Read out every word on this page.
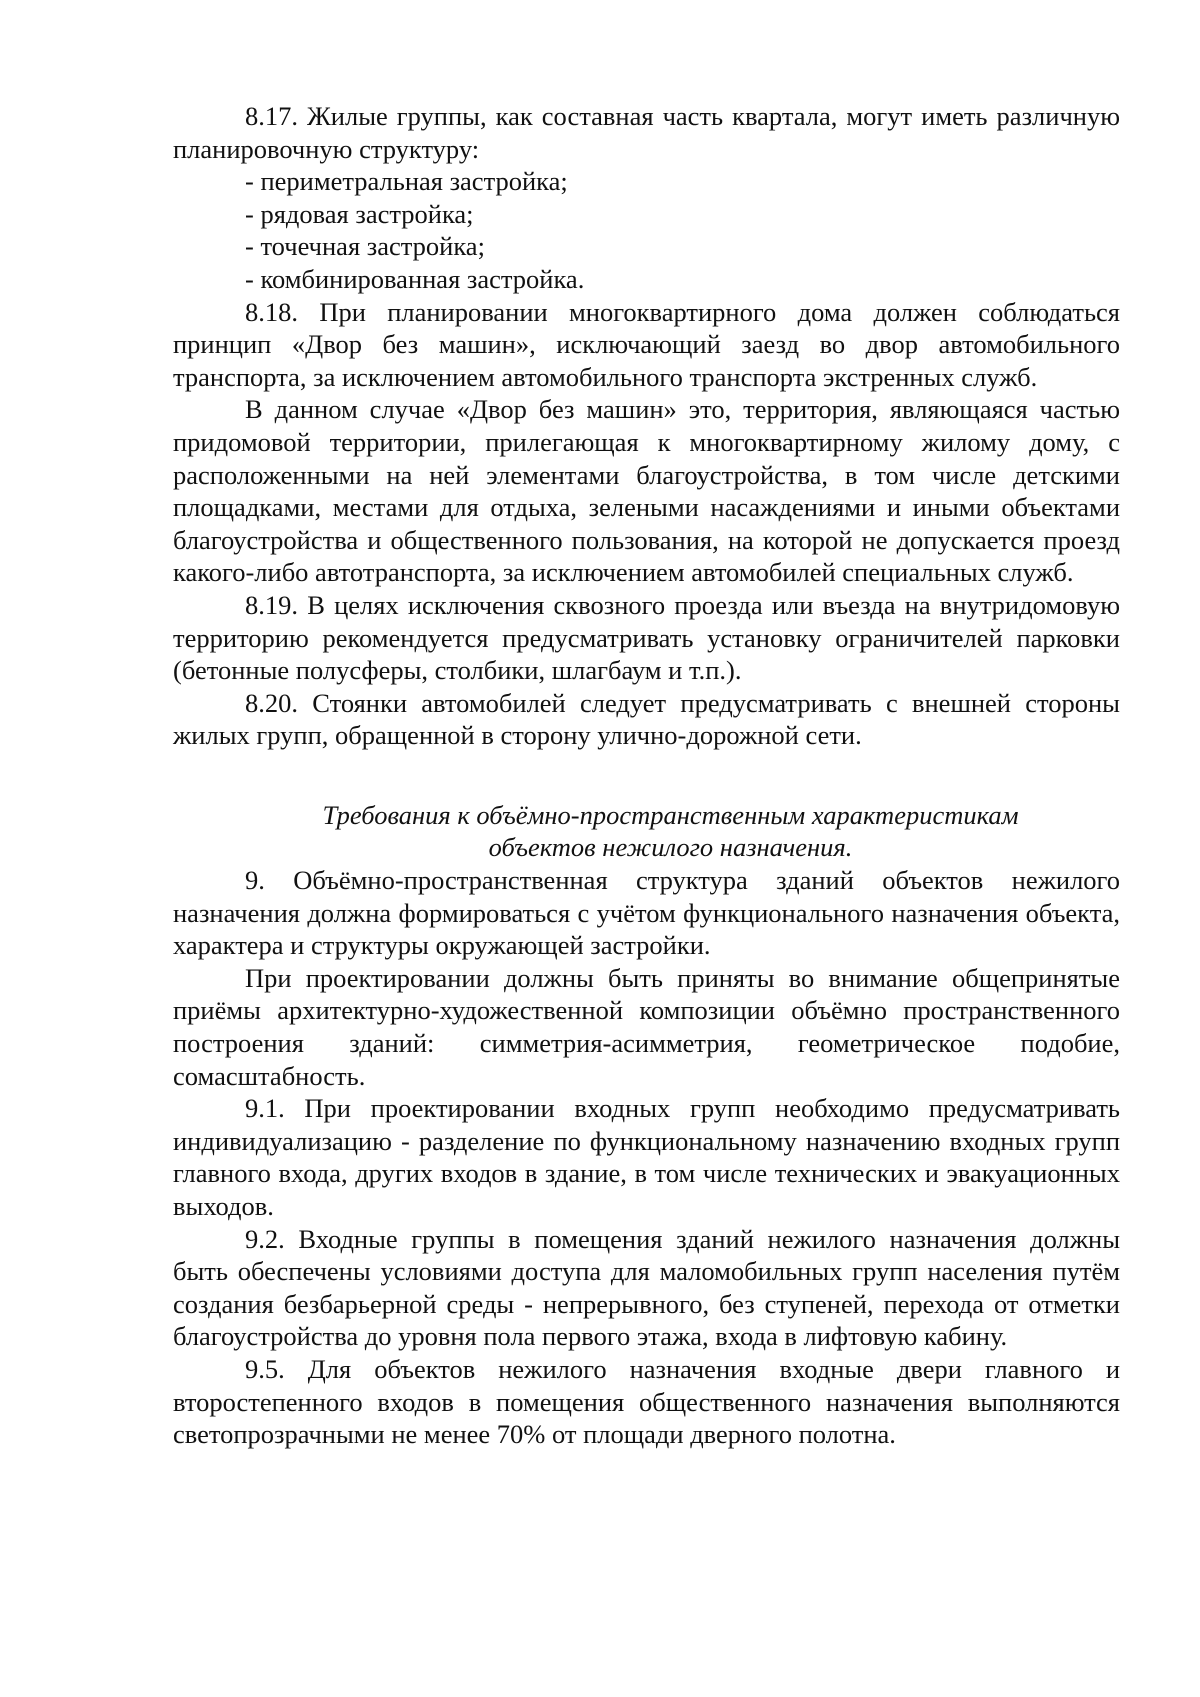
8.17. Жилые группы, как составная часть квартала, могут иметь различную планировочную структуру:

- периметральная застройка;

- рядовая застройка;

- точечная застройка;

- комбинированная застройка.

8.18. При планировании многоквартирного дома должен соблюдаться принцип «Двор без машин», исключающий заезд во двор автомобильного транспорта, за исключением автомобильного транспорта экстренных служб.

В данном случае «Двор без машин» это, территория, являющаяся частью придомовой территории, прилегающая к многоквартирному жилому дому, с расположенными на ней элементами благоустройства, в том числе детскими площадками, местами для отдыха, зелеными насаждениями и иными объектами благоустройства и общественного пользования, на которой не допускается проезд какого-либо автотранспорта, за исключением автомобилей специальных служб.

8.19. В целях исключения сквозного проезда или въезда на внутридомовую территорию рекомендуется предусматривать установку ограничителей парковки (бетонные полусферы, столбики, шлагбаум и т.п.).

8.20. Стоянки автомобилей следует предусматривать с внешней стороны жилых групп, обращенной в сторону улично-дорожной сети.

Требования к объёмно-пространственным характеристикам
объектов нежилого назначения.

9. Объёмно-пространственная структура зданий объектов нежилого назначения должна формироваться с учётом функционального назначения объекта, характера и структуры окружающей застройки.

При проектировании должны быть приняты во внимание общепринятые приёмы архитектурно-художественной композиции объёмно пространственного построения зданий: симметрия-асимметрия, геометрическое подобие, сомасштабность.

9.1. При проектировании входных групп необходимо предусматривать индивидуализацию - разделение по функциональному назначению входных групп главного входа, других входов в здание, в том числе технических и эвакуационных выходов.

9.2. Входные группы в помещения зданий нежилого назначения должны быть обеспечены условиями доступа для маломобильных групп населения путём создания безбарьерной среды - непрерывного, без ступеней, перехода от отметки благоустройства до уровня пола первого этажа, входа в лифтовую кабину.

9.5. Для объектов нежилого назначения входные двери главного и второстепенного входов в помещения общественного назначения выполняются светопрозрачными не менее 70% от площади дверного полотна.
